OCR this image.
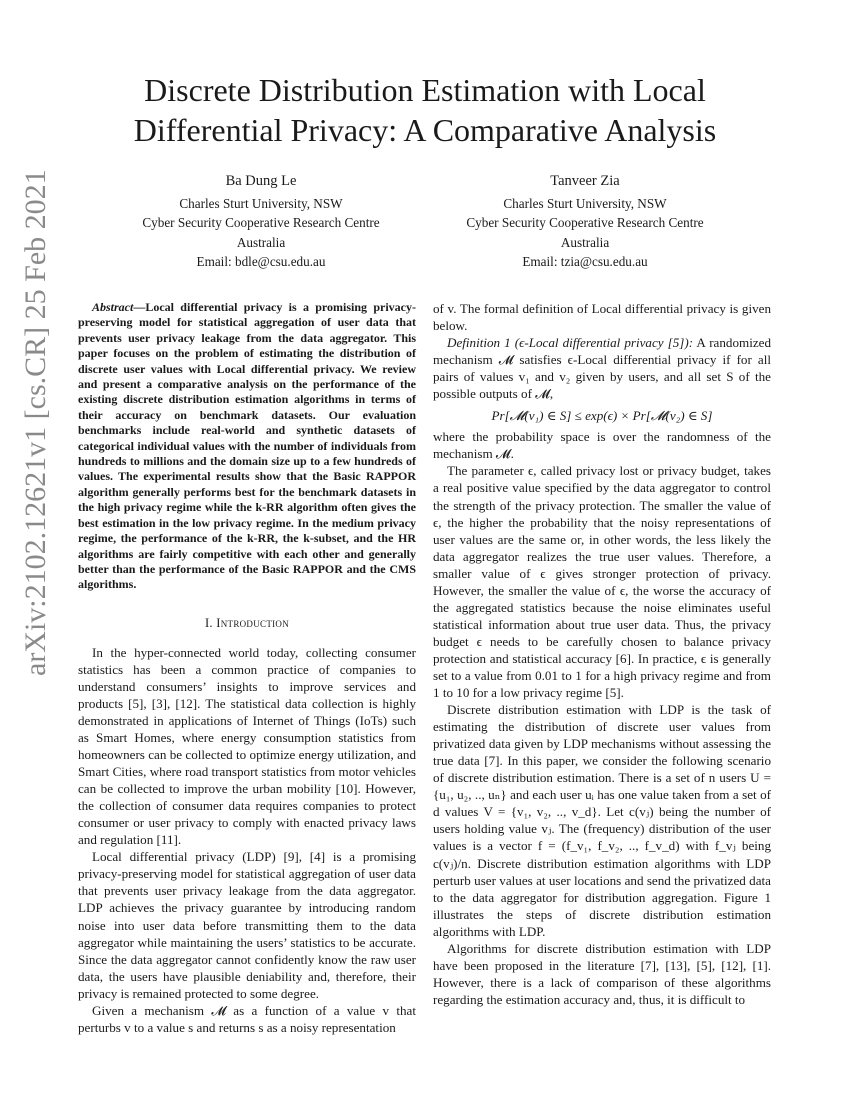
Discrete Distribution Estimation with Local
Differential Privacy: A Comparative Analysis
Ba Dung Le
Charles Sturt University, NSW
Cyber Security Cooperative Research Centre
Australia
Email: bdle@csu.edu.au
Tanveer Zia
Charles Sturt University, NSW
Cyber Security Cooperative Research Centre
Australia
Email: tzia@csu.edu.au
arXiv:2102.12621v1 [cs.CR] 25 Feb 2021	Abstract—Local differential privacy is a promising privacy-preserving model for statistical aggregation of user data that prevents user privacy leakage from the data aggregator. This paper focuses on the problem of estimating the distribution of discrete user values with Local differential privacy. We review and present a comparative analysis on the performance of the existing discrete distribution estimation algorithms in terms of their accuracy on benchmark datasets. Our evaluation benchmarks include real-world and synthetic datasets of categorical individual values with the number of individuals from hundreds to millions and the domain size up to a few hundreds of values. The experimental results show that the Basic RAPPOR algorithm generally performs best for the benchmark datasets in the high privacy regime while the k-RR algorithm often gives the best estimation in the low privacy regime. In the medium privacy regime, the performance of the k-RR, the k-subset, and the HR algorithms are fairly competitive with each other and generally better than the performance of the Basic RAPPOR and the CMS algorithms.

I. Introduction

In the hyper-connected world today, collecting consumer statistics has been a common practice of companies to understand consumers’ insights to improve services and products [5], [3], [12]. The statistical data collection is highly demonstrated in applications of Internet of Things (IoTs) such as Smart Homes, where energy consumption statistics from homeowners can be collected to optimize energy utilization, and Smart Cities, where road transport statistics from motor vehicles can be collected to improve the urban mobility [10]. However, the collection of consumer data requires companies to protect consumer or user privacy to comply with enacted privacy laws and regulation [11].

Local differential privacy (LDP) [9], [4] is a promising privacy-preserving model for statistical aggregation of user data that prevents user privacy leakage from the data aggregator. LDP achieves the privacy guarantee by introducing random noise into user data before transmitting them to the data aggregator while maintaining the users’ statistics to be accurate. Since the data aggregator cannot confidently know the raw user data, the users have plausible deniability and, therefore, their privacy is remained protected to some degree.

Given a mechanism 𝓜 as a function of a value v that perturbs v to a value s and returns s as a noisy representation

of v. The formal definition of Local differential privacy is given below.

Definition 1 (ϵ-Local differential privacy [5]): A randomized mechanism 𝓜 satisfies ϵ-Local differential privacy if for all pairs of values v₁ and v₂ given by users, and all set S of the possible outputs of 𝓜,

Pr[𝓜(v₁) ∈ S] ≤ exp(ϵ) × Pr[𝓜(v₂) ∈ S]

where the probability space is over the randomness of the mechanism 𝓜.

The parameter ϵ, called privacy lost or privacy budget, takes a real positive value specified by the data aggregator to control the strength of the privacy protection. The smaller the value of ϵ, the higher the probability that the noisy representations of user values are the same or, in other words, the less likely the data aggregator realizes the true user values. Therefore, a smaller value of ϵ gives stronger protection of privacy. However, the smaller the value of ϵ, the worse the accuracy of the aggregated statistics because the noise eliminates useful statistical information about true user data. Thus, the privacy budget ϵ needs to be carefully chosen to balance privacy protection and statistical accuracy [6]. In practice, ϵ is generally set to a value from 0.01 to 1 for a high privacy regime and from 1 to 10 for a low privacy regime [5].

Discrete distribution estimation with LDP is the task of estimating the distribution of discrete user values from privatized data given by LDP mechanisms without assessing the true data [7]. In this paper, we consider the following scenario of discrete distribution estimation. There is a set of n users U = {u₁, u₂, .., uₙ} and each user uᵢ has one value taken from a set of d values V = {v₁, v₂, .., v_d}. Let c(vⱼ) being the number of users holding value vⱼ. The (frequency) distribution of the user values is a vector f = (f_v₁, f_v₂, .., f_v_d) with f_vⱼ being c(vⱼ)/n. Discrete distribution estimation algorithms with LDP perturb user values at user locations and send the privatized data to the data aggregator for distribution aggregation. Figure 1 illustrates the steps of discrete distribution estimation algorithms with LDP.

Algorithms for discrete distribution estimation with LDP have been proposed in the literature [7], [13], [5], [12], [1]. However, there is a lack of comparison of these algorithms regarding the estimation accuracy and, thus, it is difficult to
